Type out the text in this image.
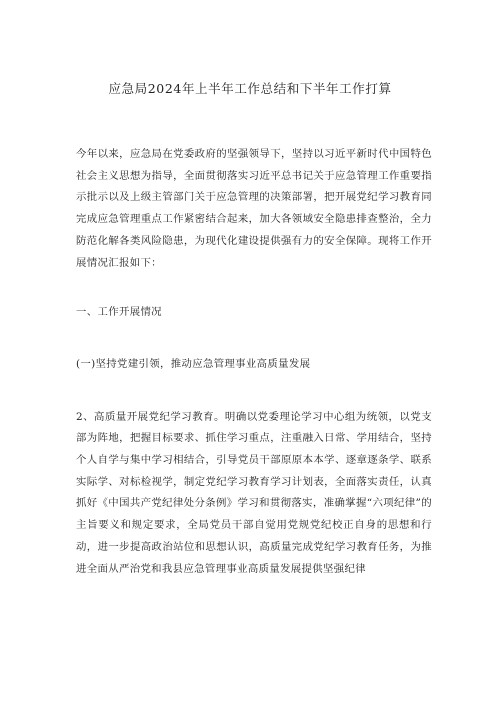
应急局2024年上半年工作总结和下半年工作打算

今年以来，应急局在党委政府的坚强领导下，坚持以习近平新时代中国特色社会主义思想为指导，全面贯彻落实习近平总书记关于应急管理工作重要指示批示以及上级主管部门关于应急管理的决策部署，把开展党纪学习教育同完成应急管理重点工作紧密结合起来，加大各领域安全隐患排查整治，全力防范化解各类风险隐患，为现代化建设提供强有力的安全保障。现将工作开展情况汇报如下：

一、工作开展情况

(一)坚持党建引领，推动应急管理事业高质量发展

2、高质量开展党纪学习教育。明确以党委理论学习中心组为统领，以党支部为阵地，把握目标要求、抓住学习重点，注重融入日常、学用结合，坚持个人自学与集中学习相结合，引导党员干部原原本本学、逐章逐条学、联系实际学、对标检视学，制定党纪学习教育学习计划表，全面落实责任，认真抓好《中国共产党纪律处分条例》学习和贯彻落实，准确掌握“六项纪律”的主旨要义和规定要求，全局党员干部自觉用党规党纪校正自身的思想和行动，进一步提高政治站位和思想认识，高质量完成党纪学习教育任务，为推进全面从严治党和我县应急管理事业高质量发展提供坚强纪律
